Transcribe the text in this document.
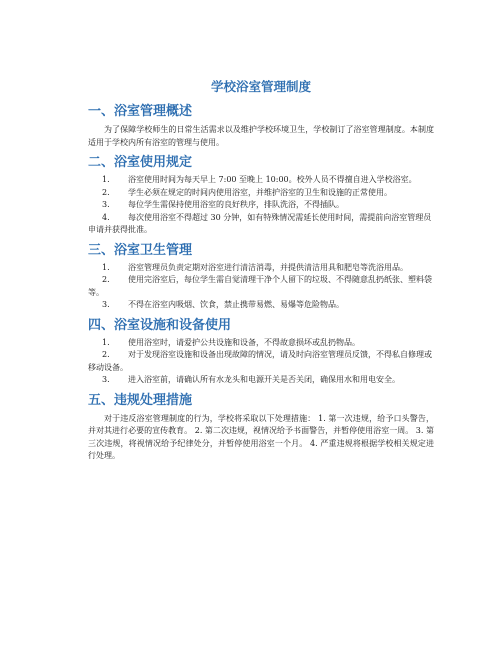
学校浴室管理制度
一、浴室管理概述

为了保障学校师生的日常生活需求以及维护学校环境卫生，学校制订了浴室管理制度。本制度适用于学校内所有浴室的管理与使用。

二、浴室使用规定
1. 浴室使用时间为每天早上 7:00 至晚上 10:00。校外人员不得擅自进入学校浴室。
2. 学生必须在规定的时间内使用浴室，并维护浴室的卫生和设施的正常使用。
3. 每位学生需保持使用浴室的良好秩序，排队洗浴，不得插队。
4. 每次使用浴室不得超过 30 分钟，如有特殊情况需延长使用时间，需提前向浴室管理员申请并获得批准。
三、浴室卫生管理
1. 浴室管理员负责定期对浴室进行清洁消毒，并提供清洁用具和肥皂等洗浴用品。
2. 使用完浴室后，每位学生需自觉清理干净个人留下的垃圾、不得随意乱扔纸张、塑料袋等。
3. 不得在浴室内吸烟、饮食，禁止携带易燃、易爆等危险物品。
四、浴室设施和设备使用
1. 使用浴室时，请爱护公共设施和设备，不得故意损坏或乱扔物品。
2. 对于发现浴室设施和设备出现故障的情况，请及时向浴室管理员反馈，不得私自修理或移动设备。
3. 进入浴室前，请确认所有水龙头和电源开关是否关闭，确保用水和用电安全。
五、违规处理措施

对于违反浴室管理制度的行为，学校将采取以下处理措施： 1. 第一次违规，给予口头警告，并对其进行必要的宣传教育。 2. 第二次违规，视情况给予书面警告，并暂停使用浴室一周。 3. 第三次违规，将视情况给予纪律处分，并暂停使用浴室一个月。 4. 严重违规将根据学校相关规定进行处理。
